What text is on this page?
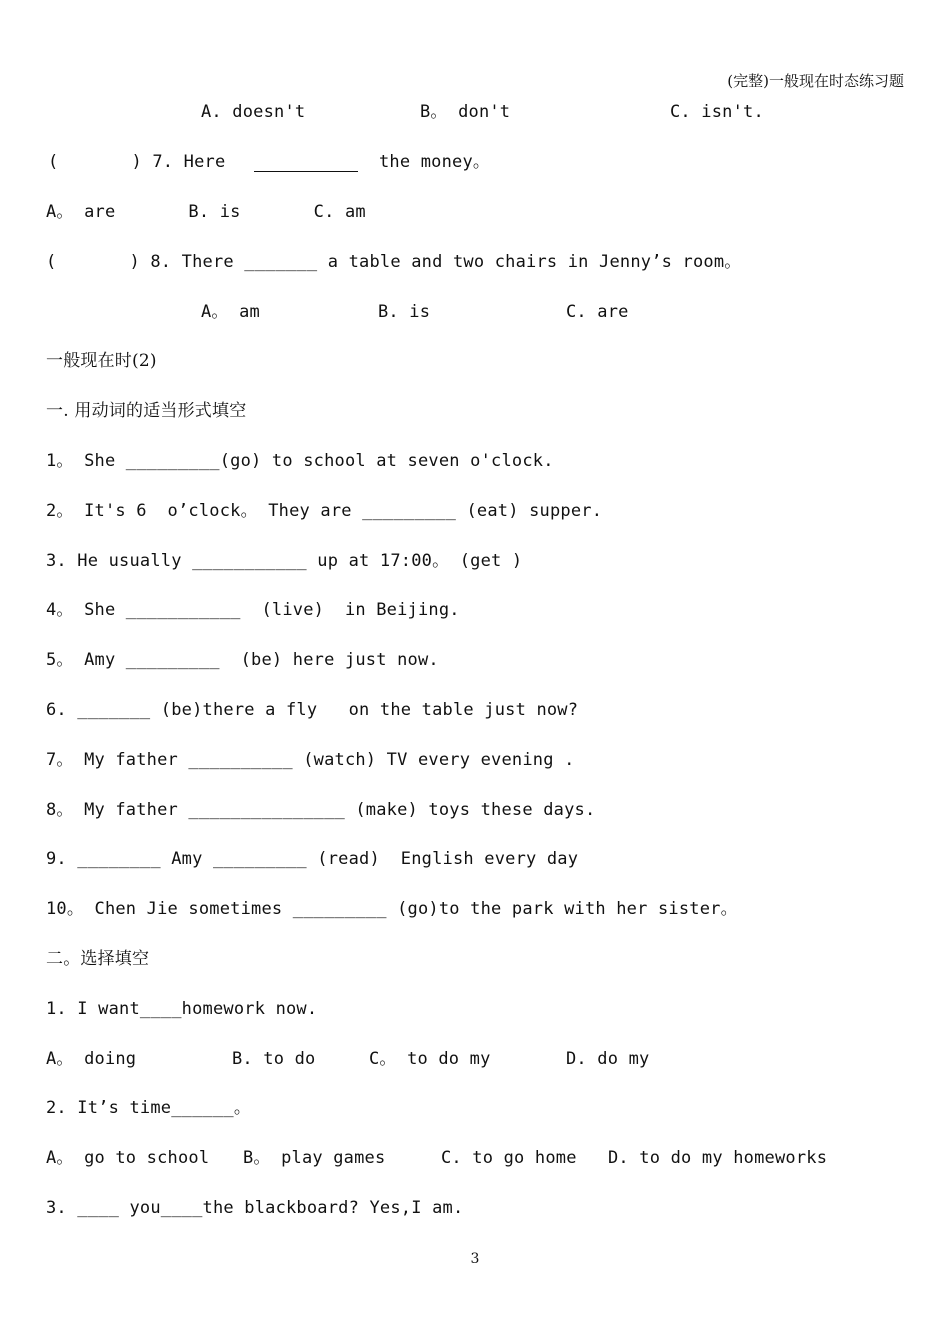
(完整)一般现在时态练习题
A. doesn't	B。 don't	C. isn't.
(       ) 7. Here	the money。
A。 are       B. is       C. am
(       ) 8. There _______ a table and two chairs in Jenny’s room。
A。 am	B. is	C. are
一般现在时(2)
一. 用动词的适当形式填空
1。 She _________(go) to school at seven o'clock.
2。 It's 6  o’clock。 They are _________ (eat) supper.
3. He usually ___________ up at 17:00。 (get )
4。 She ___________  (live)  in Beijing.
5。 Amy _________  (be) here just now.
6. _______ (be)there a fly   on the table just now?
7。 My father __________ (watch) TV every evening .
8。 My father _______________ (make) toys these days.
9. ________ Amy _________ (read)  English every day
10。 Chen Jie sometimes _________ (go)to the park with her sister。
二。选择填空
1. I want____homework now.
A。 doing	B. to do	C。 to do my	D. do my
2. It’s time______。
A。 go to school B。 play games	C. to go home D. to do my homeworks
3. ____ you____the blackboard? Yes,I am.
3
